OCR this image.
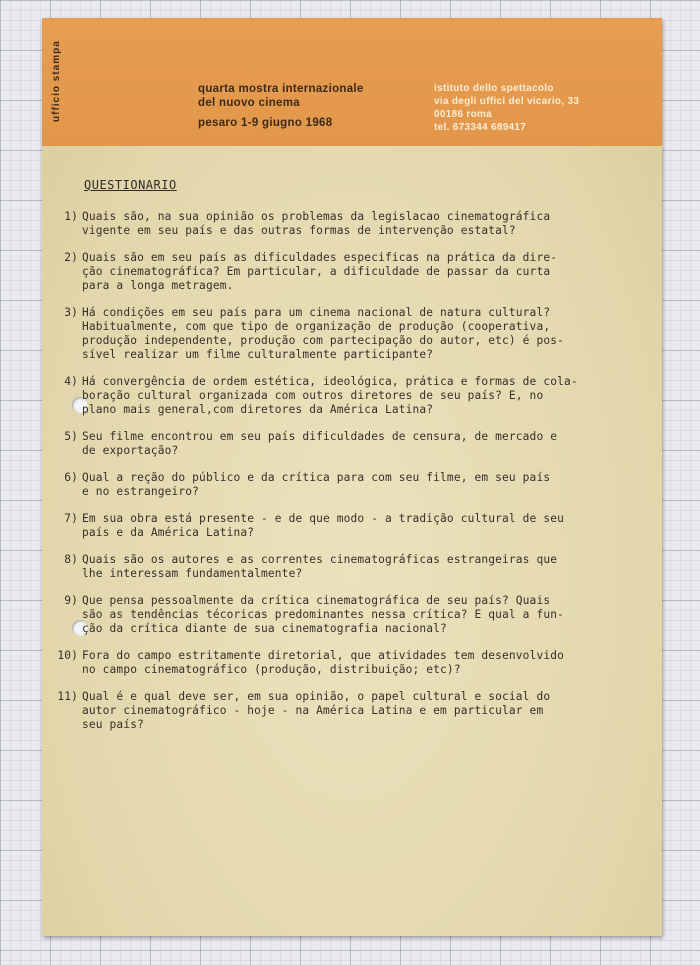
ufficio stampa	quarta mostra internazionale
del nuovo cinema
pesaro 1-9 giugno 1968
istituto dello spettacolo
via degli uffici del vicario, 33
00186 roma
tel. 673344 689417
QUESTIONARIO
1) Quais são, na sua opinião os problemas da legislacao cinematográfica
vigente em seu país e das outras formas de intervenção estatal?
2) Quais são em seu país as dificuldades especificas na prática da dire-
ção cinematográfica? Em particular, a dificuldade de passar da curta
para a longa metragem.
3) Há condições em seu país para um cinema nacional de natura cultural?
Habitualmente, com que tipo de organização de produção (cooperativa,
produção independente, produção com partecipação do autor, etc) é pos-
sível realizar um filme culturalmente participante?
4) Há convergência de ordem estética, ideológica, prática e formas de cola-
boração cultural organizada com outros diretores de seu país? E, no
plano mais general,com diretores da América Latina?
5) Seu filme encontrou em seu país dificuldades de censura, de mercado e
de exportação?
6) Qual a reção do público e da crítica para com seu filme, em seu país
e no estrangeiro?
7) Em sua obra está presente - e de que modo - a tradição cultural de seu
país e da América Latina?
8) Quais são os autores e as correntes cinematográficas estrangeiras que
lhe interessam fundamentalmente?
9) Que pensa pessoalmente da crítica cinematográfica de seu país? Quais
são as tendências técoricas predominantes nessa crítica? E qual a fun-
ção da crítica diante de sua cinematografia nacional?
10) Fora do campo estritamente diretorial, que atividades tem desenvolvido
no campo cinematográfico (produção, distribuição; etc)?
11) Qual é e qual deve ser, em sua opinião, o papel cultural e social do
autor cinematográfico - hoje - na América Latina e em particular em
seu país?
